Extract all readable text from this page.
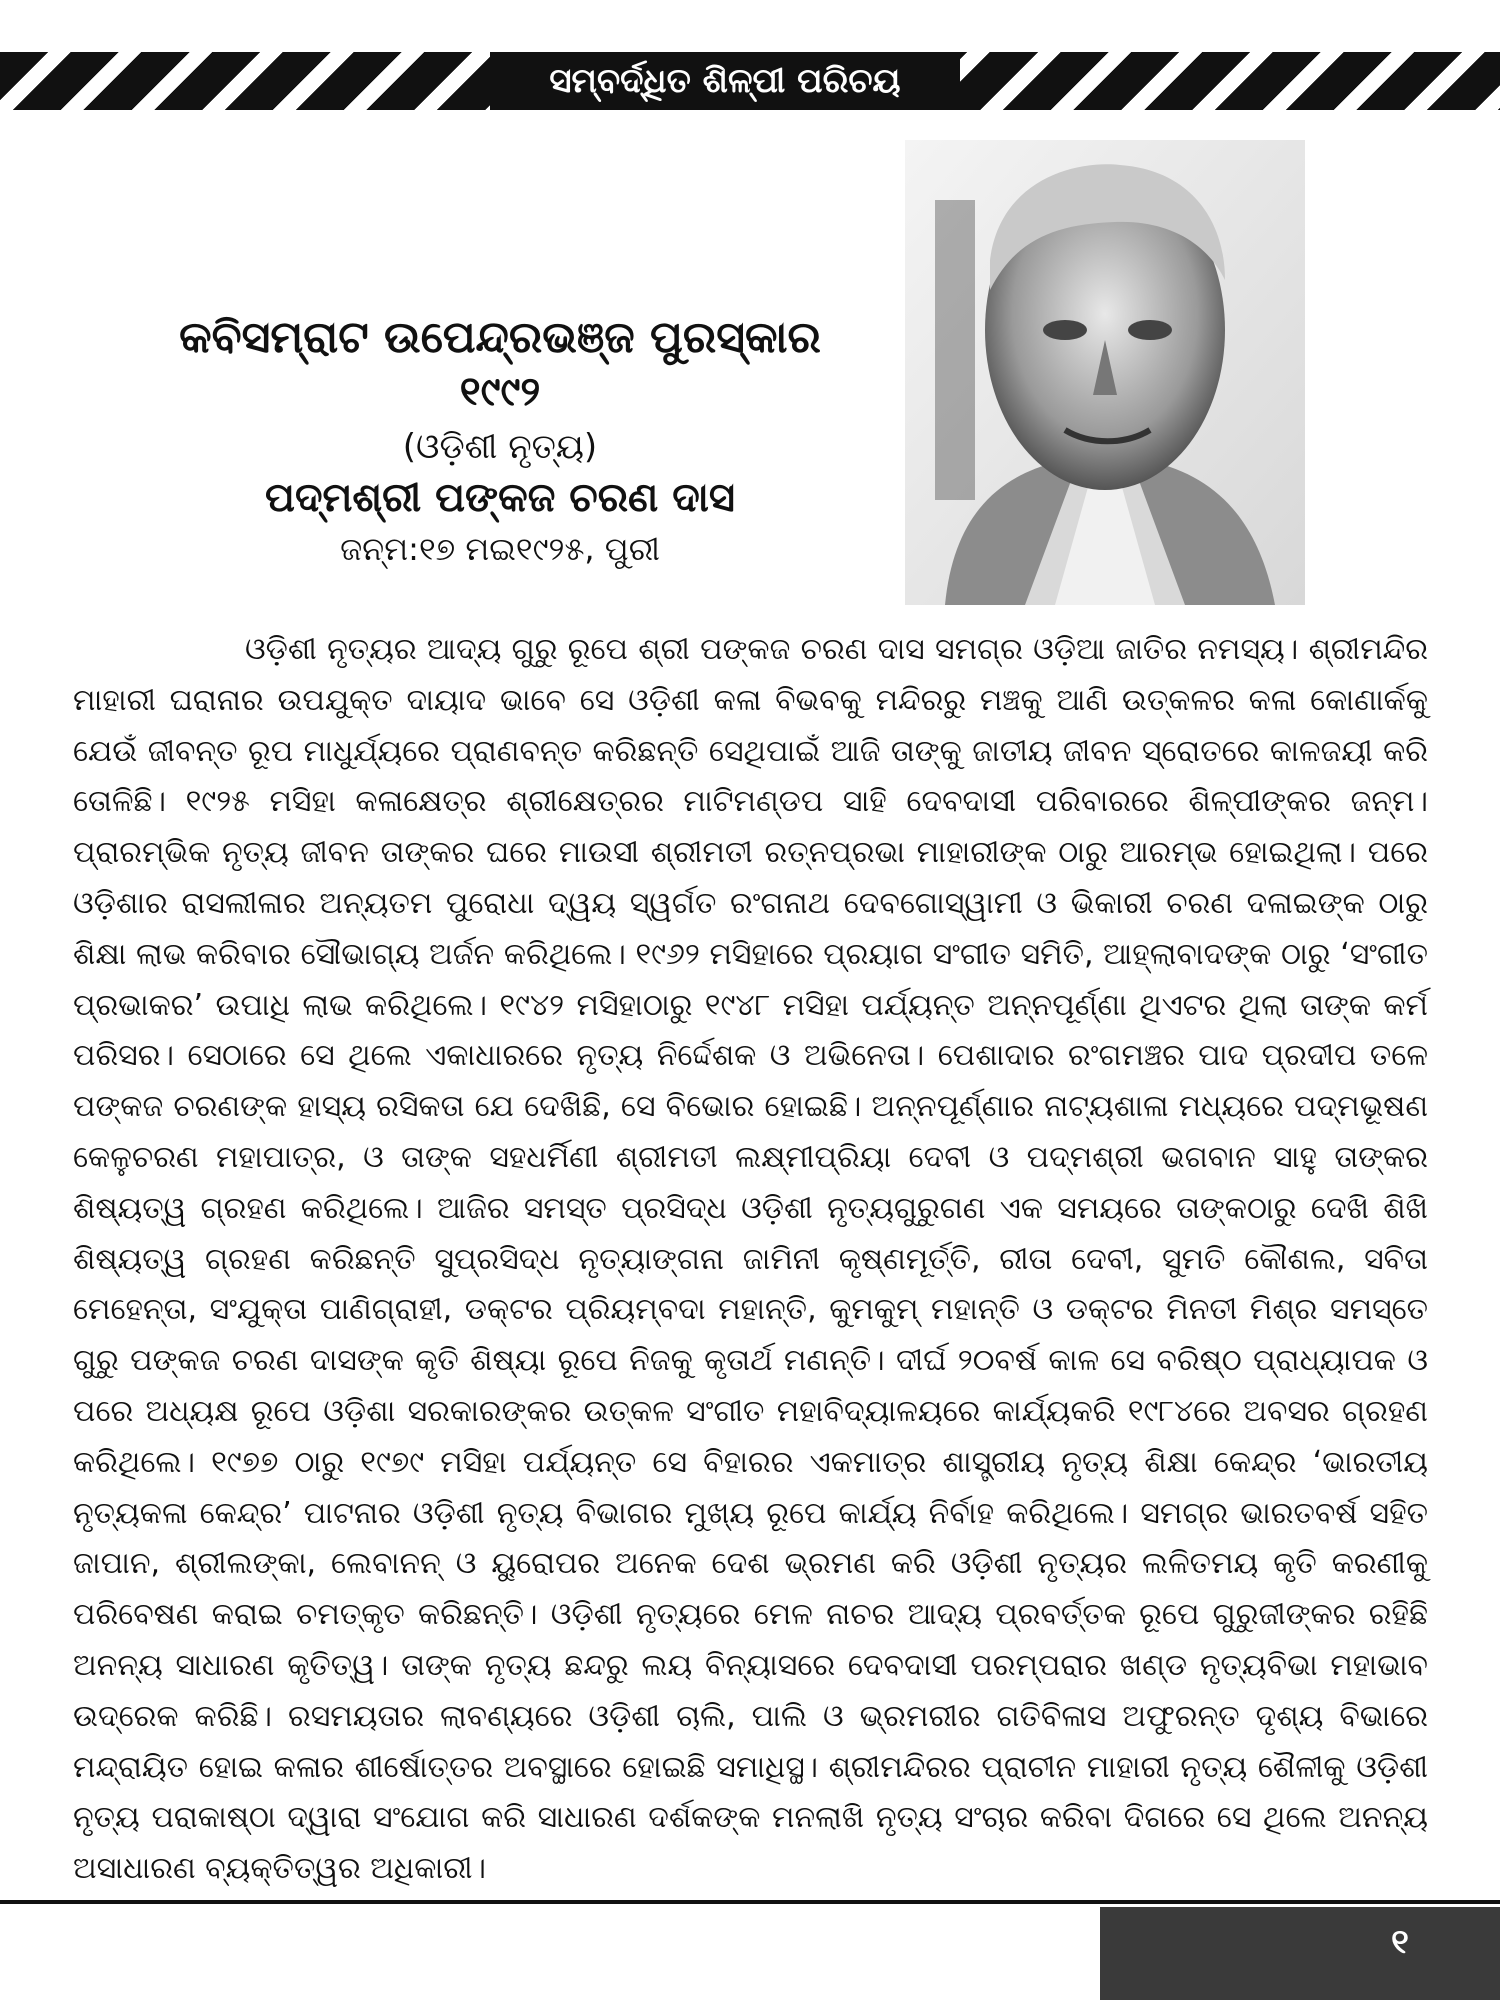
ସମ୍ବର୍ଦ୍ଧିତ ଶିଳ୍ପୀ ପରିଚୟ
କବିସମ୍ରାଟ ଉପେନ୍ଦ୍ରଭଞ୍ଜ ପୁରସ୍କାର
୧୯୯୨
(ଓଡ଼ିଶୀ ନୃତ୍ୟ)
ପଦ୍ମଶ୍ରୀ ପଙ୍କଜ ଚରଣ ଦାସ
ଜନ୍ମ:୧୭ ମଇ୧୯୨୫, ପୁରୀ

ଓଡ଼ିଶୀ ନୃତ୍ୟର ଆଦ୍ୟ ଗୁରୁ ରୂପେ ଶ୍ରୀ ପଙ୍କଜ ଚରଣ ଦାସ ସମଗ୍ର ଓଡ଼ିଆ ଜାତିର ନମସ୍ୟ। ଶ୍ରୀମନ୍ଦିର ମାହାରୀ ଘରାନାର ଉପଯୁକ୍ତ ଦାୟାଦ ଭାବେ ସେ ଓଡ଼ିଶୀ କଳା ବିଭବକୁ ମନ୍ଦିରରୁ ମଞ୍ଚକୁ ଆଣି ଉତ୍କଳର କଳା କୋଣାର୍କକୁ ଯେଉଁ ଜୀବନ୍ତ ରୂପ ମାଧୁର୍ଯ୍ୟରେ ପ୍ରାଣବନ୍ତ କରିଛନ୍ତି ସେଥିପାଇଁ ଆଜି ତାଙ୍କୁ ଜାତୀୟ ଜୀବନ ସ୍ରୋତରେ କାଳଜୟୀ କରି ତୋଳିଛି। ୧୯୨୫ ମସିହା କଳାକ୍ଷେତ୍ର ଶ୍ରୀକ୍ଷେତ୍ରର ମାଟିମଣ୍ଡପ ସାହି ଦେବଦାସୀ ପରିବାରରେ ଶିଳ୍ପୀଙ୍କର ଜନ୍ମ। ପ୍ରାରମ୍ଭିକ ନୃତ୍ୟ ଜୀବନ ତାଙ୍କର ଘରେ ମାଉସୀ ଶ୍ରୀମତୀ ରତ୍ନପ୍ରଭା ମାହାରୀଙ୍କ ଠାରୁ ଆରମ୍ଭ ହୋଇଥିଲା। ପରେ ଓଡ଼ିଶାର ରାସଲୀଳାର ଅନ୍ୟତମ ପୁରୋଧା ଦ୍ୱୟ ସ୍ୱର୍ଗତ ରଂଗନାଥ ଦେବଗୋସ୍ୱାମୀ ଓ ଭିକାରୀ ଚରଣ ଦଳାଇଙ୍କ ଠାରୁ ଶିକ୍ଷା ଲାଭ କରିବାର ସୌଭାଗ୍ୟ ଅର୍ଜନ କରିଥିଲେ। ୧୯୬୨ ମସିହାରେ ପ୍ରୟାଗ ସଂଗୀତ ସମିତି, ଆହ୍ଲାବାଦଙ୍କ ଠାରୁ ‘ସଂଗୀତ ପ୍ରଭାକର’ ଉପାଧି ଲାଭ କରିଥିଲେ। ୧୯୪୨ ମସିହାଠାରୁ ୧୯୪୮ ମସିହା ପର୍ଯ୍ୟନ୍ତ ଅନ୍ନପୂର୍ଣ୍ଣା ଥିଏଟର ଥିଲା ତାଙ୍କ କର୍ମ ପରିସର। ସେଠାରେ ସେ ଥିଲେ ଏକାଧାରରେ ନୃତ୍ୟ ନିର୍ଦ୍ଦେଶକ ଓ ଅଭିନେତା। ପେଶାଦାର ରଂଗମଞ୍ଚର ପାଦ ପ୍ରଦୀପ ତଳେ ପଙ୍କଜ ଚରଣଙ୍କ ହାସ୍ୟ ରସିକତା ଯେ ଦେଖିଛି, ସେ ବିଭୋର ହୋଇଛି। ଅନ୍ନପୂର୍ଣ୍ଣାର ନାଟ୍ୟଶାଳା ମଧ୍ୟରେ ପଦ୍ମଭୂଷଣ କେଳୁଚରଣ ମହାପାତ୍ର, ଓ ତାଙ୍କ ସହଧର୍ମିଣୀ ଶ୍ରୀମତୀ ଲକ୍ଷ୍ମୀପ୍ରିୟା ଦେବୀ ଓ ପଦ୍ମଶ୍ରୀ ଭଗବାନ ସାହୁ ତାଙ୍କର ଶିଷ୍ୟତ୍ୱ ଗ୍ରହଣ କରିଥିଲେ। ଆଜିର ସମସ୍ତ ପ୍ରସିଦ୍ଧ ଓଡ଼ିଶୀ ନୃତ୍ୟଗୁରୁଗଣ ଏକ ସମୟରେ ତାଙ୍କଠାରୁ ଦେଖି ଶିଖି ଶିଷ୍ୟତ୍ୱ ଗ୍ରହଣ କରିଛନ୍ତି ସୁପ୍ରସିଦ୍ଧ ନୃତ୍ୟାଙ୍ଗନା ଜାମିନୀ କୃଷ୍ଣମୂର୍ତ୍ତି, ରୀତା ଦେବୀ, ସୁମତି କୌଶଲ, ସବିତା ମେହେନ୍ତା, ସଂଯୁକ୍ତା ପାଣିଗ୍ରାହୀ, ଡକ୍ଟର ପ୍ରିୟମ୍ବଦା ମହାନ୍ତି, କୁମକୁମ୍ ମହାନ୍ତି ଓ ଡକ୍ଟର ମିନତୀ ମିଶ୍ର ସମସ୍ତେ ଗୁରୁ ପଙ୍କଜ ଚରଣ ଦାସଙ୍କ କୃତି ଶିଷ୍ୟା ରୂପେ ନିଜକୁ କୃତାର୍ଥ ମଣନ୍ତି। ଦୀର୍ଘ ୨୦ବର୍ଷ କାଳ ସେ ବରିଷ୍ଠ ପ୍ରାଧ୍ୟାପକ ଓ ପରେ ଅଧ୍ୟକ୍ଷ ରୂପେ ଓଡ଼ିଶା ସରକାରଙ୍କର ଉତ୍କଳ ସଂଗୀତ ମହାବିଦ୍ୟାଳୟରେ କାର୍ଯ୍ୟକରି ୧୯୮୪ରେ ଅବସର ଗ୍ରହଣ କରିଥିଲେ। ୧୯୭୭ ଠାରୁ ୧୯୭୯ ମସିହା ପର୍ଯ୍ୟନ୍ତ ସେ ବିହାରର ଏକମାତ୍ର ଶାସ୍ତ୍ରୀୟ ନୃତ୍ୟ ଶିକ୍ଷା କେନ୍ଦ୍ର ‘ଭାରତୀୟ ନୃତ୍ୟକଳା କେନ୍ଦ୍ର’ ପାଟନାର ଓଡ଼ିଶୀ ନୃତ୍ୟ ବିଭାଗର ମୁଖ୍ୟ ରୂପେ କାର୍ଯ୍ୟ ନିର୍ବାହ କରିଥିଲେ। ସମଗ୍ର ଭାରତବର୍ଷ ସହିତ ଜାପାନ, ଶ୍ରୀଲଙ୍କା, ଲେବାନନ୍ ଓ ୟୁରୋପର ଅନେକ ଦେଶ ଭ୍ରମଣ କରି ଓଡ଼ିଶୀ ନୃତ୍ୟର ଲଳିତମୟ କୃତି କରଣୀକୁ ପରିବେଷଣ କରାଇ ଚମତ୍କୃତ କରିଛନ୍ତି। ଓଡ଼ିଶୀ ନୃତ୍ୟରେ ମେଳ ନାଚର ଆଦ୍ୟ ପ୍ରବର୍ତ୍ତକ ରୂପେ ଗୁରୁଜୀଙ୍କର ରହିଛି ଅନନ୍ୟ ସାଧାରଣ କୃତିତ୍ୱ। ତାଙ୍କ ନୃତ୍ୟ ଛନ୍ଦରୁ ଲୟ ବିନ୍ୟାସରେ ଦେବଦାସୀ ପରମ୍ପରାର ଖଣ୍ଡ ନୃତ୍ୟବିଭା ମହାଭାବ ଉଦ୍ରେକ କରିଛି। ରସମୟତାର ଲାବଣ୍ୟରେ ଓଡ଼ିଶୀ ଚାଲି, ପାଲି ଓ ଭ୍ରମରୀର ଗତିବିଳାସ ଅଫୁରନ୍ତ ଦୃଶ୍ୟ ବିଭାରେ ମନ୍ଦ୍ରାୟିତ ହୋଇ କଳାର ଶୀର୍ଷୋତ୍ତର ଅବସ୍ଥାରେ ହୋଇଛି ସମାଧିସ୍ଥ। ଶ୍ରୀମନ୍ଦିରର ପ୍ରାଚୀନ ମାହାରୀ ନୃତ୍ୟ ଶୈଳୀକୁ ଓଡ଼ିଶୀ ନୃତ୍ୟ ପରାକାଷ୍ଠା ଦ୍ୱାରା ସଂଯୋଗ କରି ସାଧାରଣ ଦର୍ଶକଙ୍କ ମନଲାଖି ନୃତ୍ୟ ସଂଚାର କରିବା ଦିଗରେ ସେ ଥିଲେ ଅନନ୍ୟ ଅସାଧାରଣ ବ୍ୟକ୍ତିତ୍ୱର ଅଧିକାରୀ।

୧
